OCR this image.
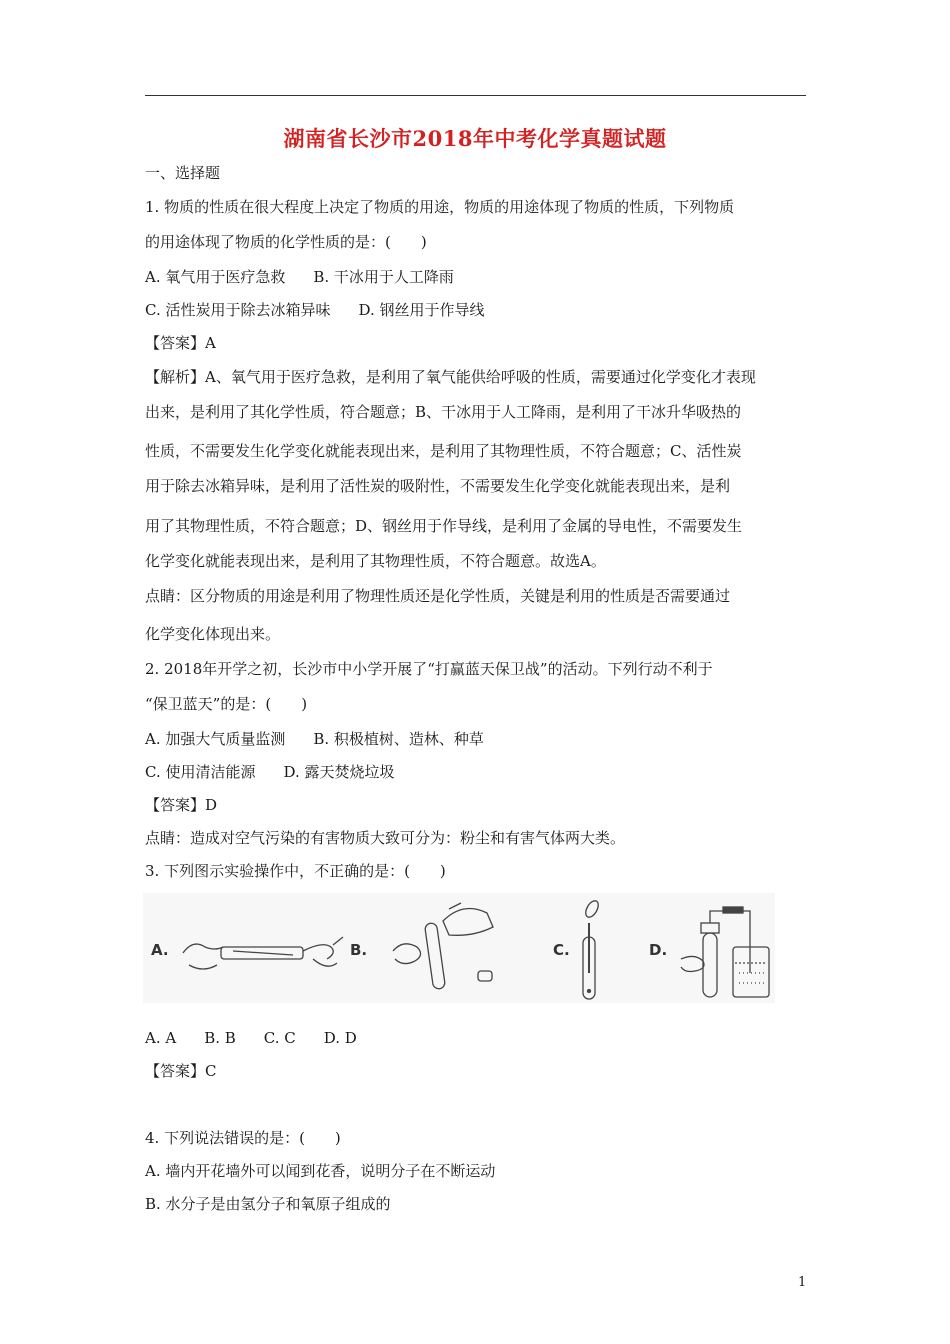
湖南省长沙市2018年中考化学真题试题
一、选择题
1. 物质的性质在很大程度上决定了物质的用途，物质的用途体现了物质的性质，下列物质
的用途体现了物质的化学性质的是：(　　)
A. 氧气用于医疗急救 B. 干冰用于人工降雨
C. 活性炭用于除去冰箱异味 D. 钢丝用于作导线
【答案】A
【解析】A、氧气用于医疗急救，是利用了氧气能供给呼吸的性质，需要通过化学变化才表现
出来，是利用了其化学性质，符合题意；B、干冰用于人工降雨，是利用了干冰升华吸热的
性质，不需要发生化学变化就能表现出来，是利用了其物理性质，不符合题意；C、活性炭
用于除去冰箱异味，是利用了活性炭的吸附性，不需要发生化学变化就能表现出来，是利
用了其物理性质，不符合题意；D、钢丝用于作导线，是利用了金属的导电性，不需要发生
化学变化就能表现出来，是利用了其物理性质，不符合题意。故选A。
点睛：区分物质的用途是利用了物理性质还是化学性质，关键是利用的性质是否需要通过
化学变化体现出来。
2. 2018年开学之初，长沙市中小学开展了“打赢蓝天保卫战”的活动。下列行动不利于
“保卫蓝天”的是：(　　)
A. 加强大气质量监测 B. 积极植树、造林、种草
C. 使用清洁能源 D. 露天焚烧垃圾
【答案】D
点睛：造成对空气污染的有害物质大致可分为：粉尘和有害气体两大类。
3. 下列图示实验操作中，不正确的是：(　　)
A.	B.	C.	D.
A. A B. B C. C D. D
【答案】C
4. 下列说法错误的是：(　　)
A. 墙内开花墙外可以闻到花香，说明分子在不断运动
B. 水分子是由氢分子和氧原子组成的
1
